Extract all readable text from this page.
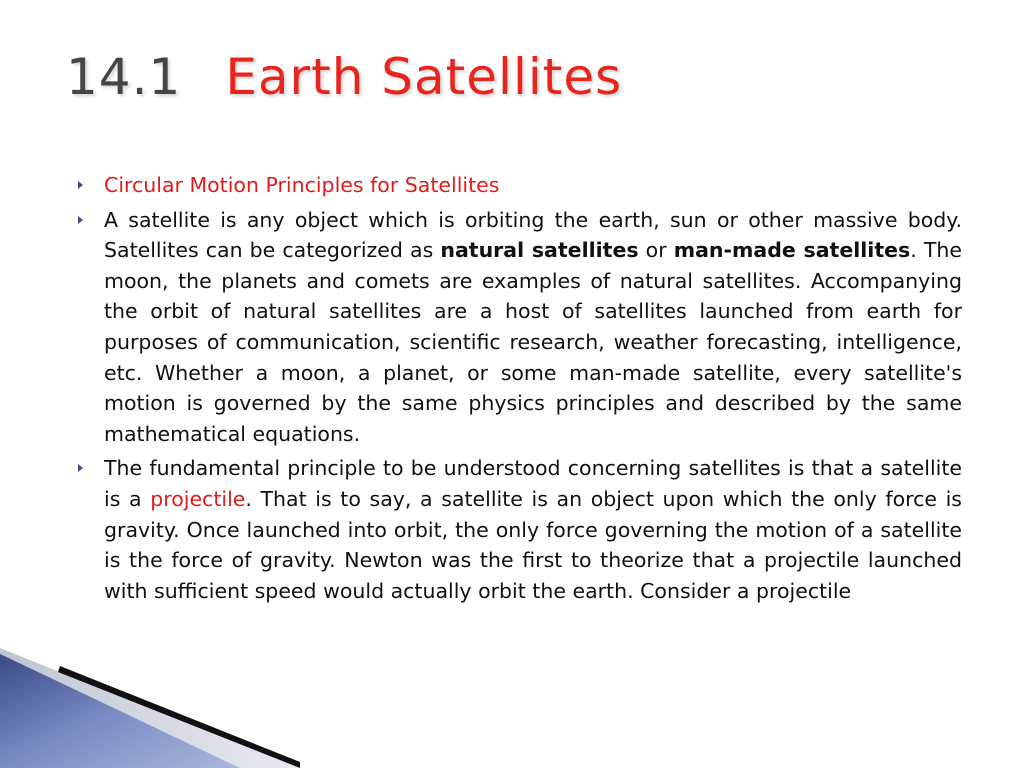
14.1 Earth Satellites
Circular Motion Principles for Satellites
A satellite is any object which is orbiting the earth, sun or other massive body. Satellites can be categorized as natural satellites or man-made satellites. The moon, the planets and comets are examples of natural satellites. Accompanying the orbit of natural satellites are a host of satellites launched from earth for purposes of communication, scientific research, weather forecasting, intelligence, etc. Whether a moon, a planet, or some man-made satellite, every satellite's motion is governed by the same physics principles and described by the same mathematical equations.
The fundamental principle to be understood concerning satellites is that a satellite is a projectile. That is to say, a satellite is an object upon which the only force is gravity. Once launched into orbit, the only force governing the motion of a satellite is the force of gravity. Newton was the first to theorize that a projectile launched with sufficient speed would actually orbit the earth. Consider a projectile
